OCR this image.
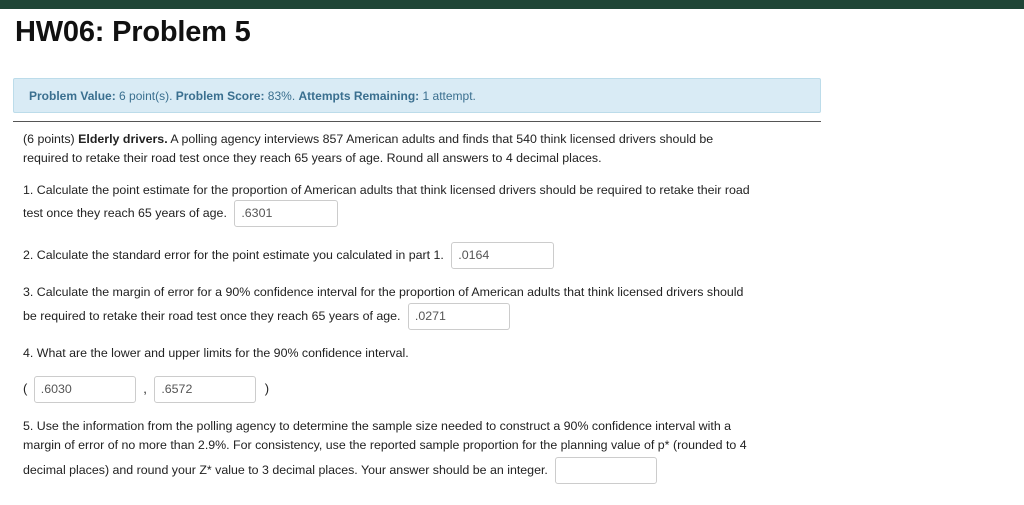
HW06: Problem 5
Problem Value: 6 point(s). Problem Score: 83%. Attempts Remaining: 1 attempt.
(6 points) Elderly drivers. A polling agency interviews 857 American adults and finds that 540 think licensed drivers should be
required to retake their road test once they reach 65 years of age. Round all answers to 4 decimal places.
1. Calculate the point estimate for the proportion of American adults that think licensed drivers should be required to retake their road
test once they reach 65 years of age. .6301
2. Calculate the standard error for the point estimate you calculated in part 1. .0164
3. Calculate the margin of error for a 90% confidence interval for the proportion of American adults that think licensed drivers should
be required to retake their road test once they reach 65 years of age. .0271
4. What are the lower and upper limits for the 90% confidence interval.
( .6030	, .6572	)
5. Use the information from the polling agency to determine the sample size needed to construct a 90% confidence interval with a
margin of error of no more than 2.9%. For consistency, use the reported sample proportion for the planning value of p* (rounded to 4
decimal places) and round your Z* value to 3 decimal places. Your answer should be an integer.
